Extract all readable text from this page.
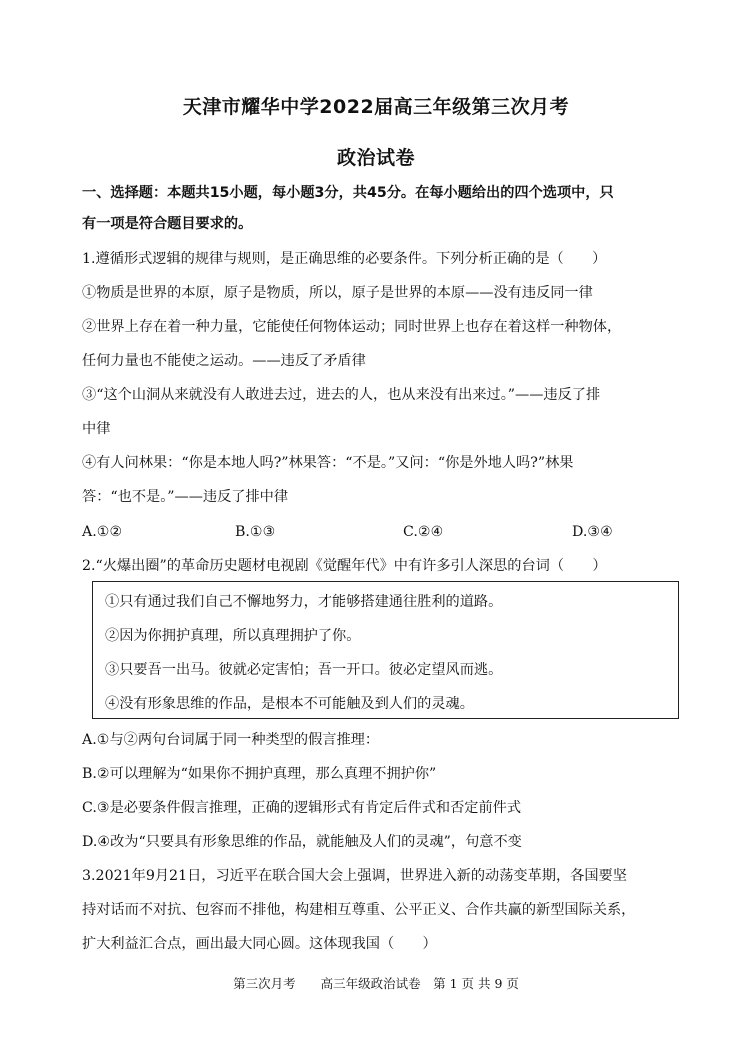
天津市耀华中学2022届高三年级第三次月考
政治试卷
一、选择题：本题共15小题，每小题3分，共45分。在每小题给出的四个选项中，只
有一项是符合题目要求的。
1.遵循形式逻辑的规律与规则，是正确思维的必要条件。下列分析正确的是（　　）
①物质是世界的本原，原子是物质，所以，原子是世界的本原——没有违反同一律
②世界上存在着一种力量，它能使任何物体运动；同时世界上也存在着这样一种物体，
任何力量也不能使之运动。——违反了矛盾律
③“这个山洞从来就没有人敢进去过，进去的人，也从来没有出来过。”——违反了排
中律
④有人问林果：“你是本地人吗?”林果答：“不是。”又问：“你是外地人吗?”林果
答：“也不是。”——违反了排中律
A.①②	B.①③	C.②④	D.③④
2.“火爆出圈”的革命历史题材电视剧《觉醒年代》中有许多引人深思的台词（　　）
①只有通过我们自己不懈地努力，才能够搭建通往胜利的道路。
②因为你拥护真理，所以真理拥护了你。
③只要吾一出马。彼就必定害怕；吾一开口。彼必定望风而逃。
④没有形象思维的作品，是根本不可能触及到人们的灵魂。
A.①与②两句台词属于同一种类型的假言推理：
B.②可以理解为“如果你不拥护真理，那么真理不拥护你”
C.③是必要条件假言推理，正确的逻辑形式有肯定后件式和否定前件式
D.④改为“只要具有形象思维的作品，就能触及人们的灵魂”，句意不变
3.2021年9月21日，习近平在联合国大会上强调，世界进入新的动荡变革期，各国要坚
持对话而不对抗、包容而不排他，构建相互尊重、公平正义、合作共赢的新型国际关系，
扩大利益汇合点，画出最大同心圆。这体现我国（　　）
第三次月考　　高三年级政治试卷　第 1 页 共 9 页
